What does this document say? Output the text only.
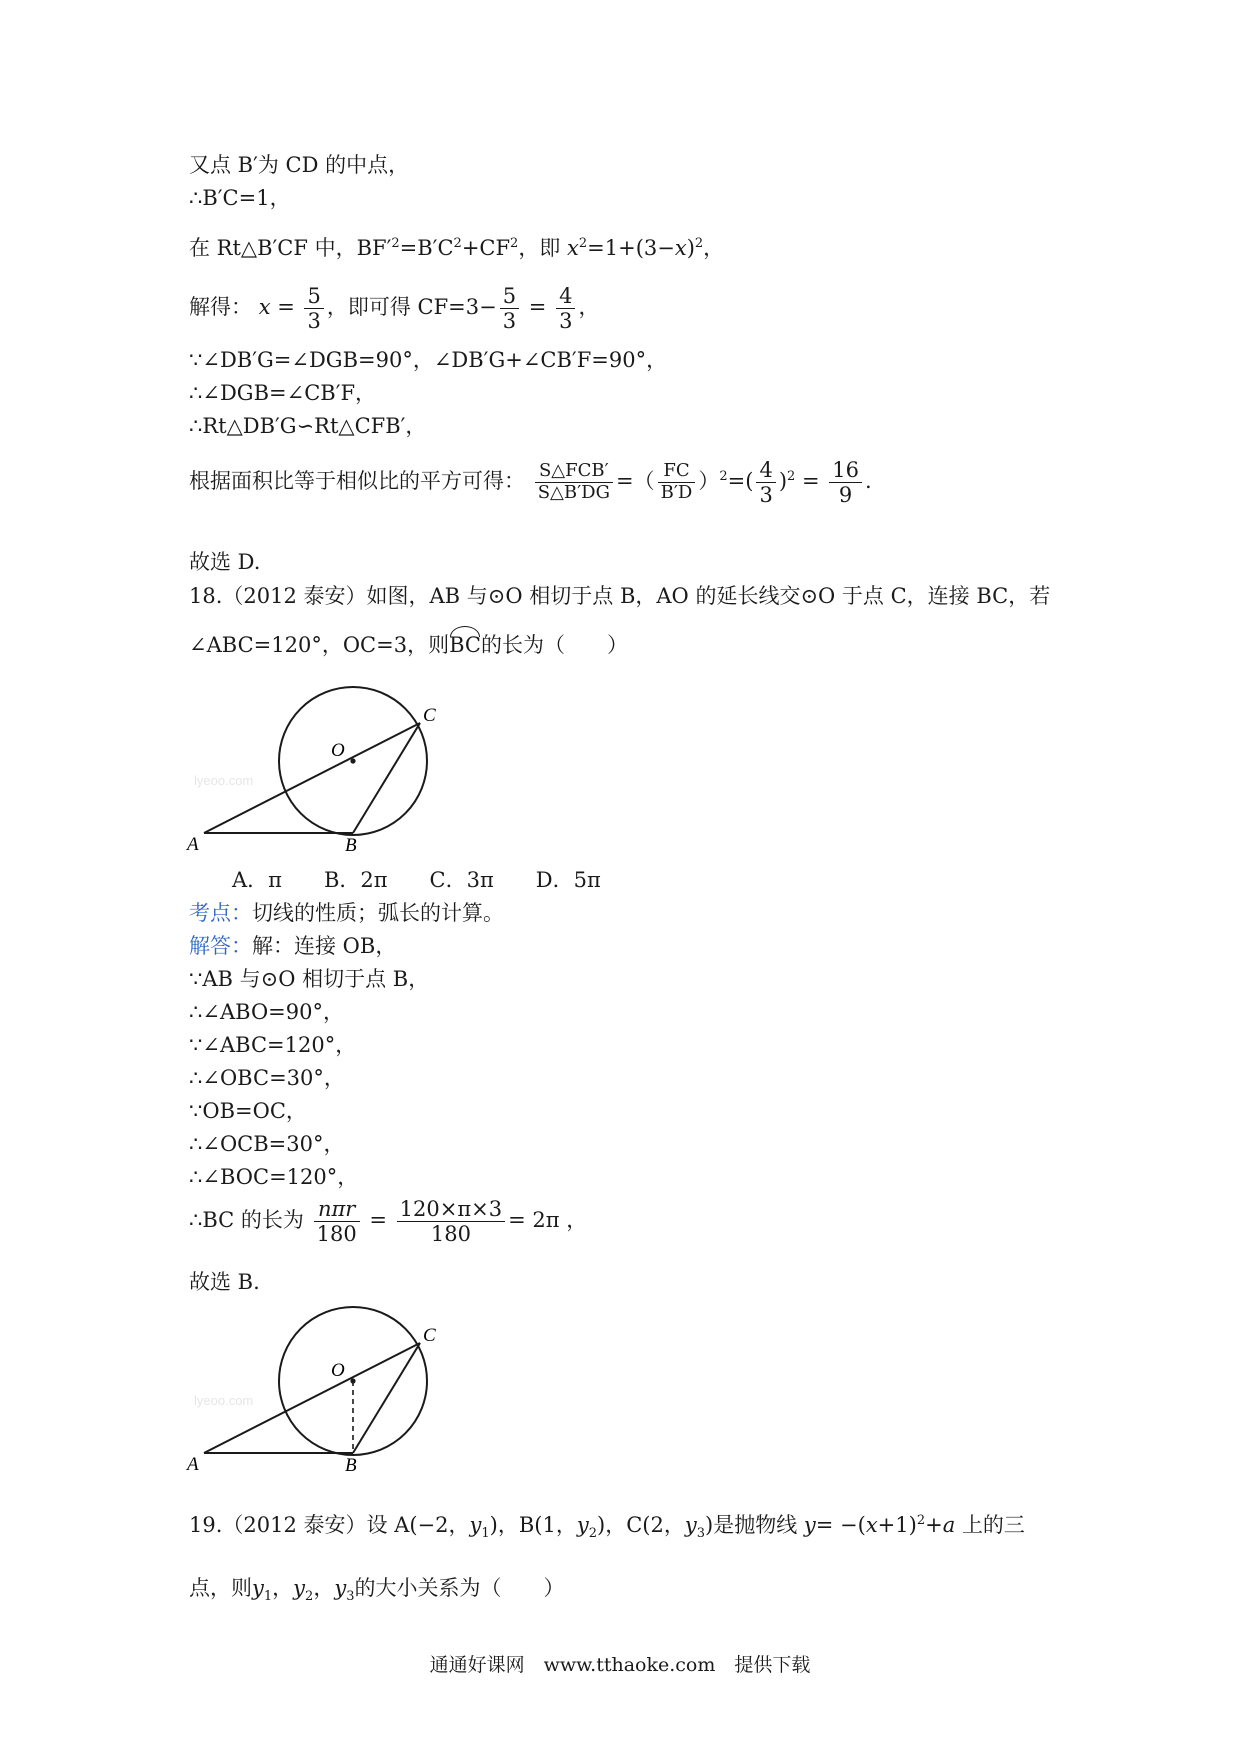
又点 B′为 CD 的中点，
∴B′C=1，
在 Rt△B′CF 中，$BF'^2=B'C^2+CF^2$，即 $x^2=1+(3-x)^2$，
解得： $x = \frac{5}{3}$ ，即可得 $CF=3- \frac{5}{3} = \frac{4}{3}$ ，
∵∠DB′G=∠DGB=90°，∠DB′G+∠CB′F=90°，
∴∠DGB=∠CB′F，
∴Rt△DB′G∽Rt△CFB′，
根据面积比等于相似比的平方可得： $\frac{\text{S△FCB′}}{S\triangle B'DG}$ =（ $\frac{FC}{B'D} )^2=( \frac{4}{3} )^2 = \frac{16}{9}$ .
故选 D.
18.（2012 泰安）如图，AB 与⊙O 相切于点 B，AO 的延长线交⊙O 于点 C，连接 BC，若
∠ABC=120°，OC=3，则BC的长为（　　）
lyeoo.com
O
C
A	B
A．π　　B．2π　　C．3π　　D．5π
考点：切线的性质；弧长的计算。
解答：解：连接 OB，
∵AB 与⊙O 相切于点 B，
∴∠ABO=90°，
∵∠ABC=120°，
∴∠OBC=30°，
∵OB=OC，
∴∠OCB=30°，
∴∠BOC=120°，
∴BC 的长为 $\frac{\text{nπr}}{180} = \frac{120\times\pi\times 3}{180} = 2\pi$ ，
故选 B.
lyeoo.com
O
C
A	B
19.（2012 泰安）设 A(−2，$y_1$)，B(1，$y_2$)，C(2，$y_3$)是抛物线 $y= -(x+1)^2+a$ 上的三
点，则$y_1$，$y_2$，$y_3$的大小关系为（　　）
通通好课网　www.tthaoke.com　提供下载
